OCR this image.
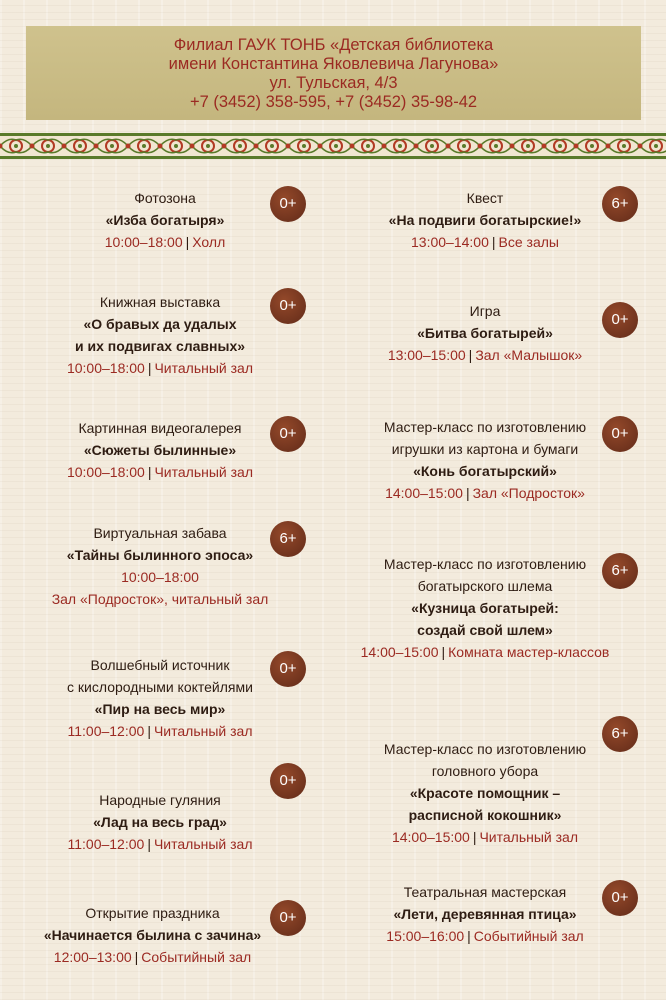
Филиал ГАУК ТОНБ «Детская библиотека
имени Константина Яковлевича Лагунова»
ул. Тульская, 4/3
+7 (3452) 358-595, +7 (3452) 35-98-42
Фотозона
«Изба богатыря»
10:00–18:00 | Холл
0+
Книжная выставка
«О бравых да удалых
и их подвигах славных»
10:00–18:00 | Читальный зал
0+
Картинная видеогалерея
«Сюжеты былинные»
10:00–18:00 | Читальный зал
0+
Виртуальная забава
«Тайны былинного эпоса»
10:00–18:00
Зал «Подросток», читальный зал
6+
Волшебный источник
с кислородными коктейлями
«Пир на весь мир»
11:00–12:00 | Читальный зал
0+
Народные гуляния
«Лад на весь град»
11:00–12:00 | Читальный зал
0+
Открытие праздника
«Начинается былина с зачина»
12:00–13:00 | Событийный зал
0+
Квест
«На подвиги богатырские!»
13:00–14:00 | Все залы
6+
Игра
«Битва богатырей»
13:00–15:00 | Зал «Малышок»
0+
Мастер-класс по изготовлению
игрушки из картона и бумаги
«Конь богатырский»
14:00–15:00 | Зал «Подросток»
0+
Мастер-класс по изготовлению
богатырского шлема
«Кузница богатырей:
создай свой шлем»
14:00–15:00 | Комната мастер-классов
6+
Мастер-класс по изготовлению
головного убора
«Красоте помощник –
расписной кокошник»
14:00–15:00 | Читальный зал
6+
Театральная мастерская
«Лети, деревянная птица»
15:00–16:00 | Событийный зал
0+
